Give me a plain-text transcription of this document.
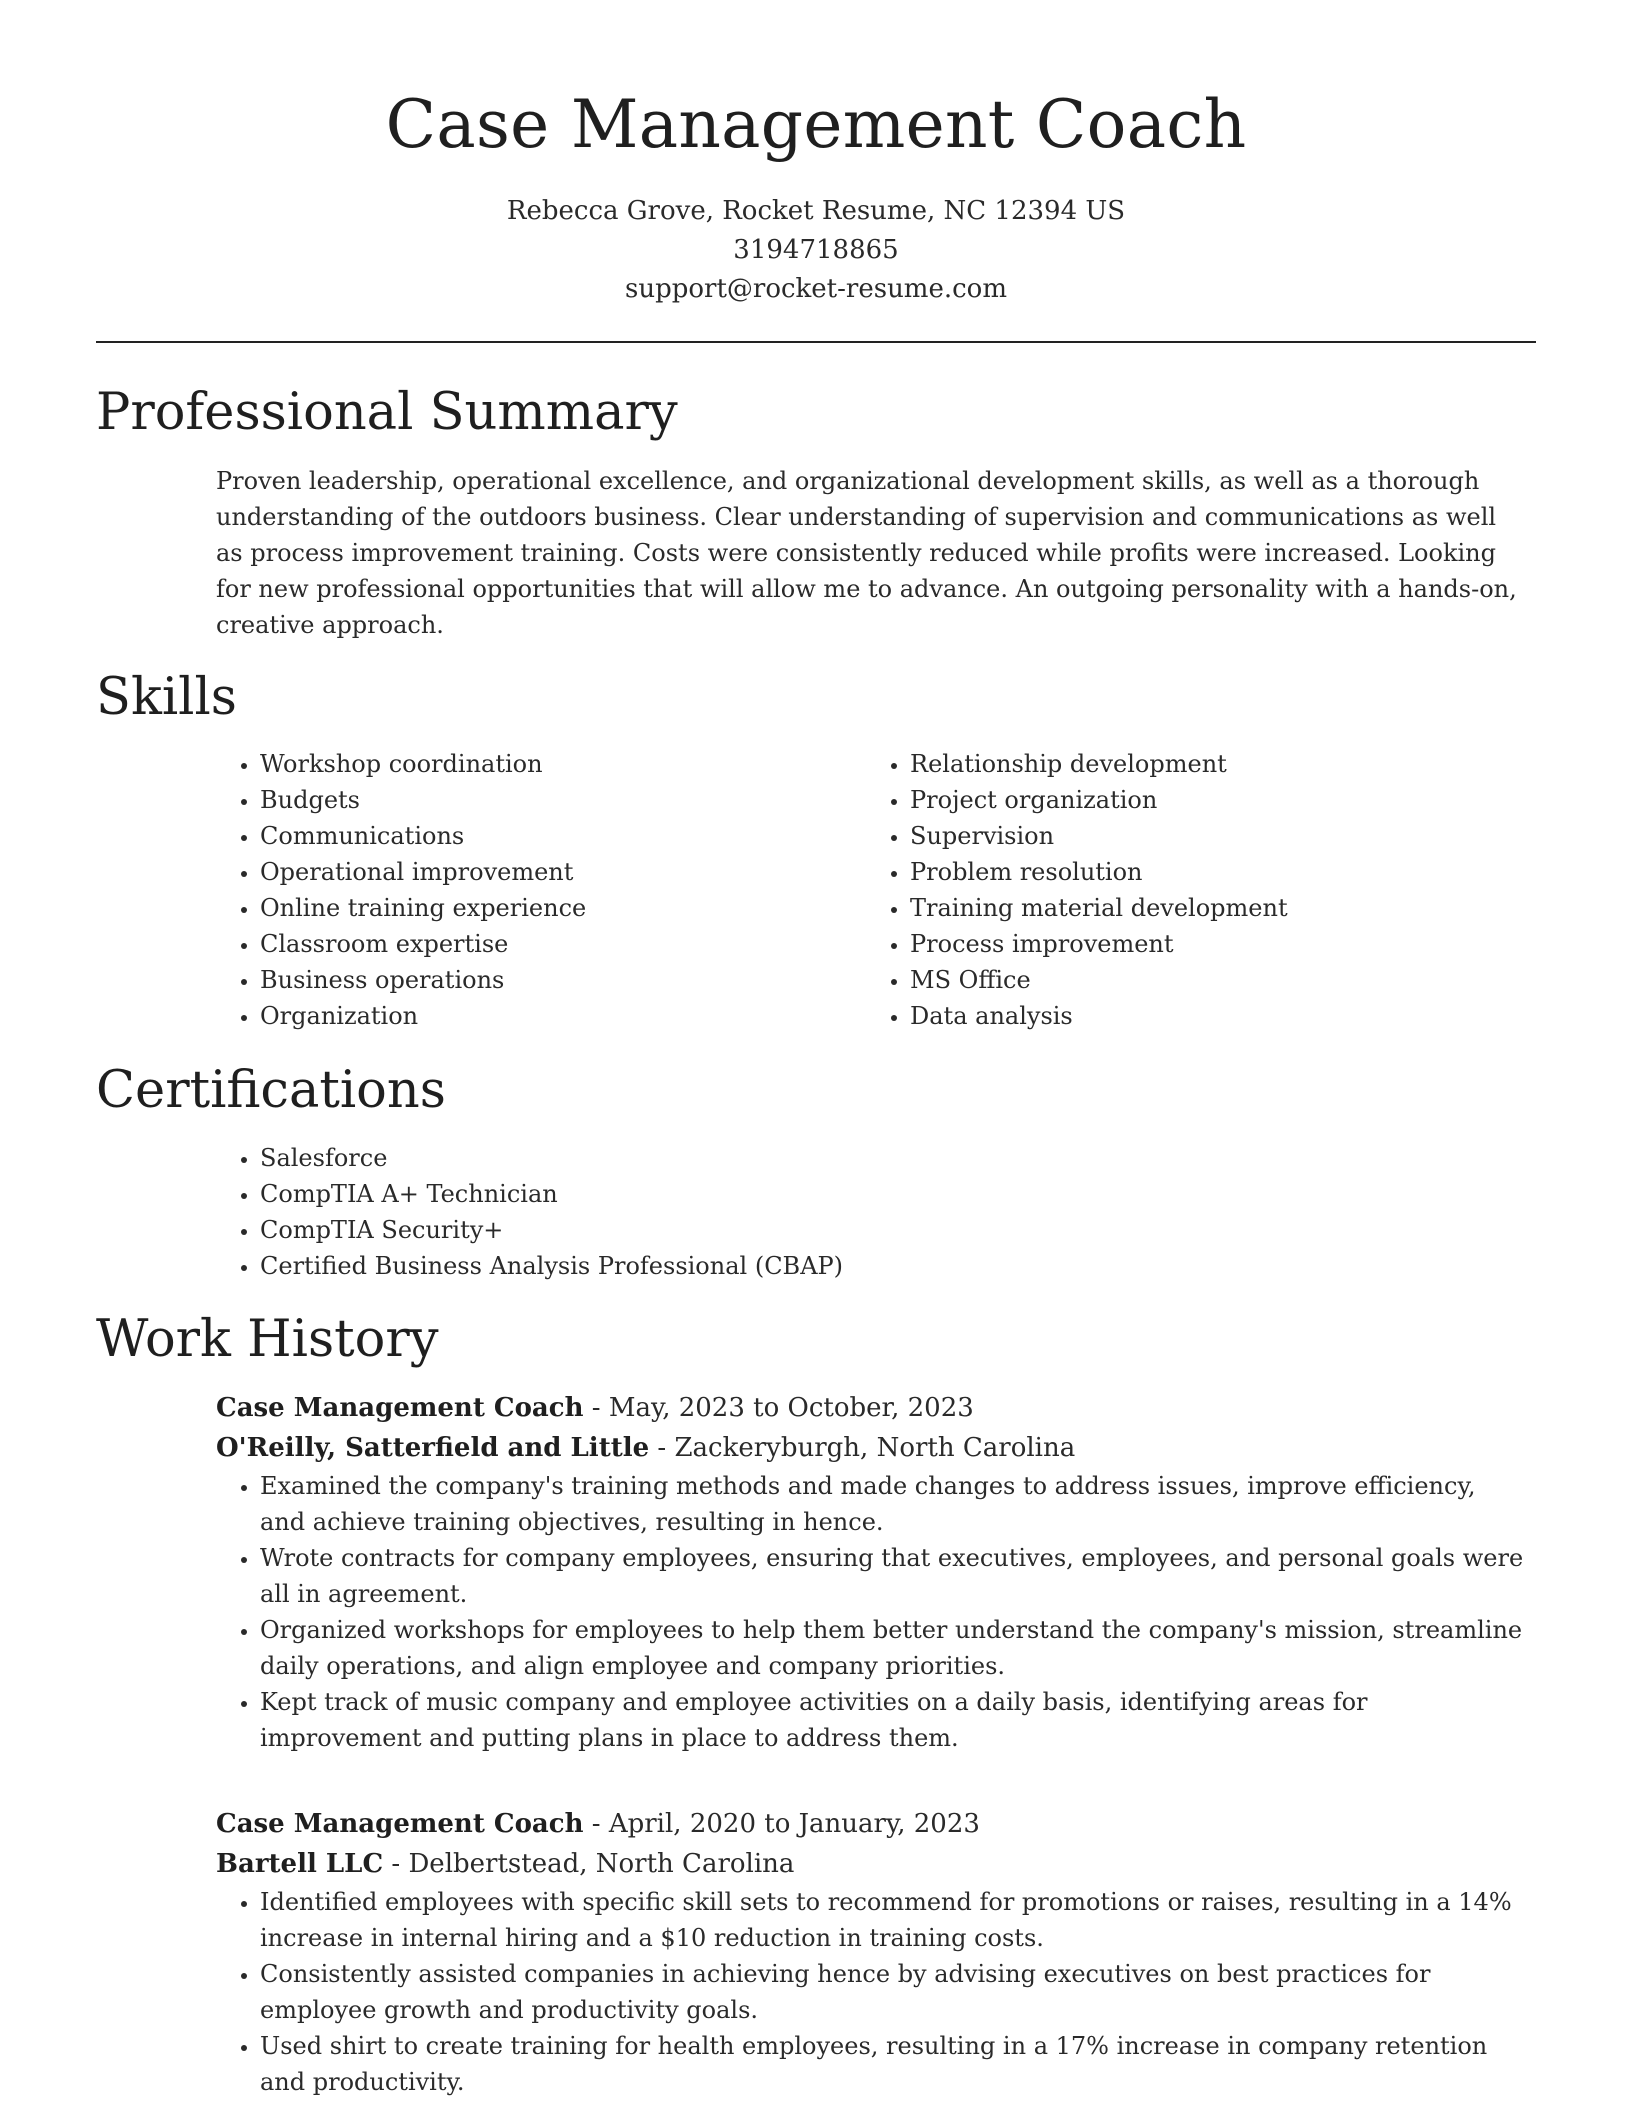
Case Management Coach
Rebecca Grove, Rocket Resume, NC 12394 US
3194718865
support@rocket-resume.com
Professional Summary
Proven leadership, operational excellence, and organizational development skills, as well as a thorough understanding of the outdoors business. Clear understanding of supervision and communications as well as process improvement training. Costs were consistently reduced while profits were increased. Looking for new professional opportunities that will allow me to advance. An outgoing personality with a hands-on, creative approach.
Skills
• Workshop coordination
• Budgets
• Communications
• Operational improvement
• Online training experience
• Classroom expertise
• Business operations
• Organization
• Relationship development
• Project organization
• Supervision
• Problem resolution
• Training material development
• Process improvement
• MS Office
• Data analysis
Certifications
• Salesforce
• CompTIA A+ Technician
• CompTIA Security+
• Certified Business Analysis Professional (CBAP)
Work History
Case Management Coach - May, 2023 to October, 2023
O'Reilly, Satterfield and Little - Zackeryburgh, North Carolina
• Examined the company's training methods and made changes to address issues, improve efficiency, and achieve training objectives, resulting in hence.
• Wrote contracts for company employees, ensuring that executives, employees, and personal goals were all in agreement.
• Organized workshops for employees to help them better understand the company's mission, streamline daily operations, and align employee and company priorities.
• Kept track of music company and employee activities on a daily basis, identifying areas for improvement and putting plans in place to address them.
Case Management Coach - April, 2020 to January, 2023
Bartell LLC - Delbertstead, North Carolina
• Identified employees with specific skill sets to recommend for promotions or raises, resulting in a 14% increase in internal hiring and a $10 reduction in training costs.
• Consistently assisted companies in achieving hence by advising executives on best practices for employee growth and productivity goals.
• Used shirt to create training for health employees, resulting in a 17% increase in company retention and productivity.
